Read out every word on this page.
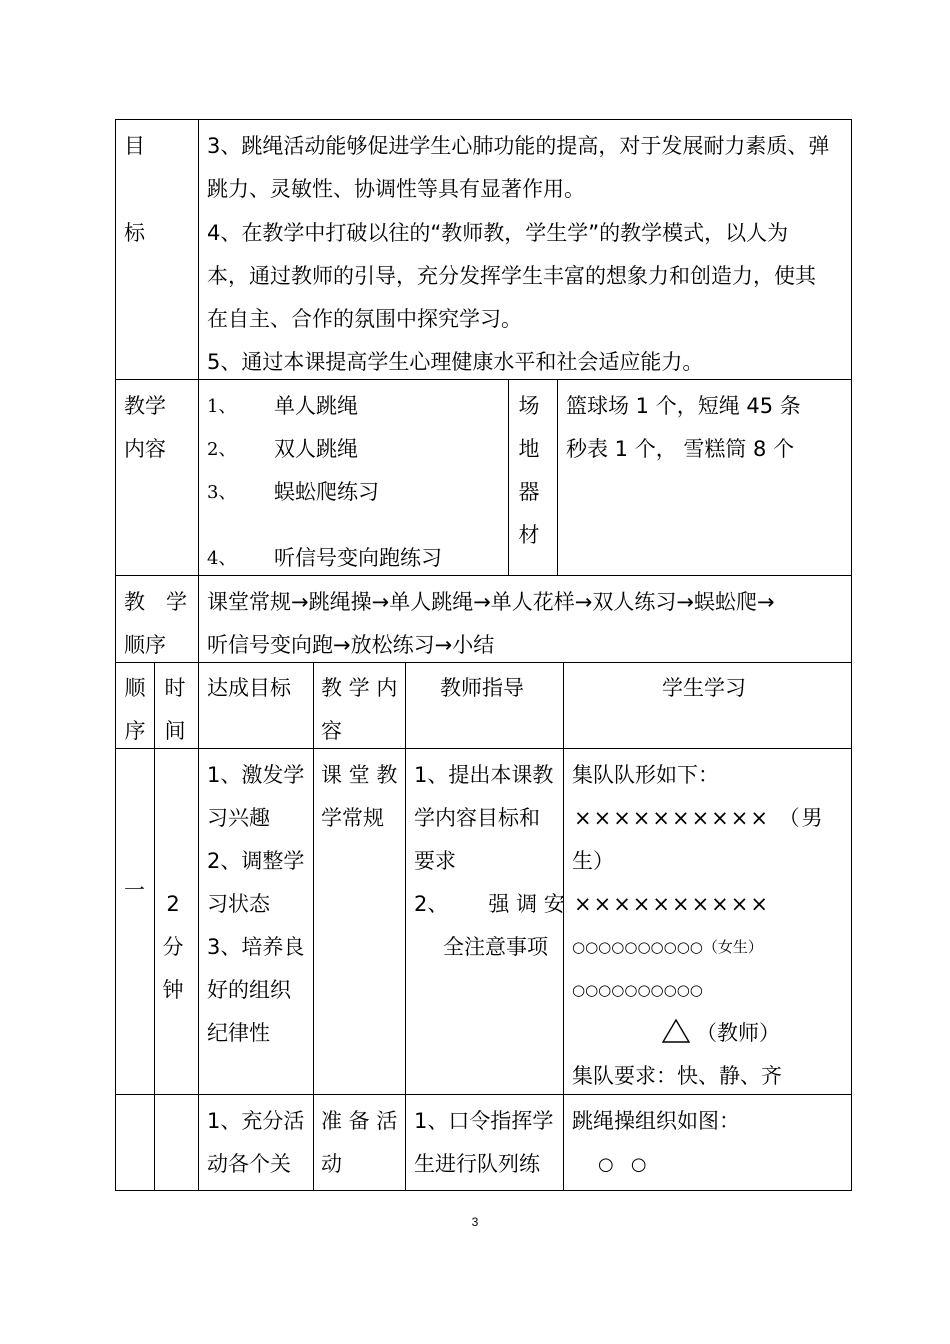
目
标
3、跳绳活动能够促进学生心肺功能的提高，对于发展耐力素质、弹
跳力、灵敏性、协调性等具有显著作用。
4、在教学中打破以往的“教师教，学生学”的教学模式，以人为
本，通过教师的引导，充分发挥学生丰富的想象力和创造力，使其
在自主、合作的氛围中探究学习。
5、通过本课提高学生心理健康水平和社会适应能力。
教学
内容
1、 单人跳绳
2、 双人跳绳
3、 蜈蚣爬练习
4、 听信号变向跑练习
场
地
器
材
篮球场 1 个，短绳 45 条
秒表 1 个， 雪糕筒 8 个
教 学
顺序
课堂常规→跳绳操→单人跳绳→单人花样→双人练习→蜈蚣爬→
听信号变向跑→放松练习→小结
顺
序
时
间
达成目标 教 学 内
容
教师指导	学生学习
一
2
分
钟
1、激发学
习兴趣
2、调整学
习状态
3、培养良
好的组织
纪律性
课 堂 教
学常规
1、提出本课教
学内容目标和
要求
2、      强 调 安
全注意事项
集队队形如下：
×××××××××× （男
生）
××××××××××
○○○○○○○○○○（女生）
○○○○○○○○○○
（教师）
集队要求：快、静、齐
1、充分活
动各个关
准 备 活
动
1、口令指挥学
生进行队列练
跳绳操组织如图：
○   ○
3
